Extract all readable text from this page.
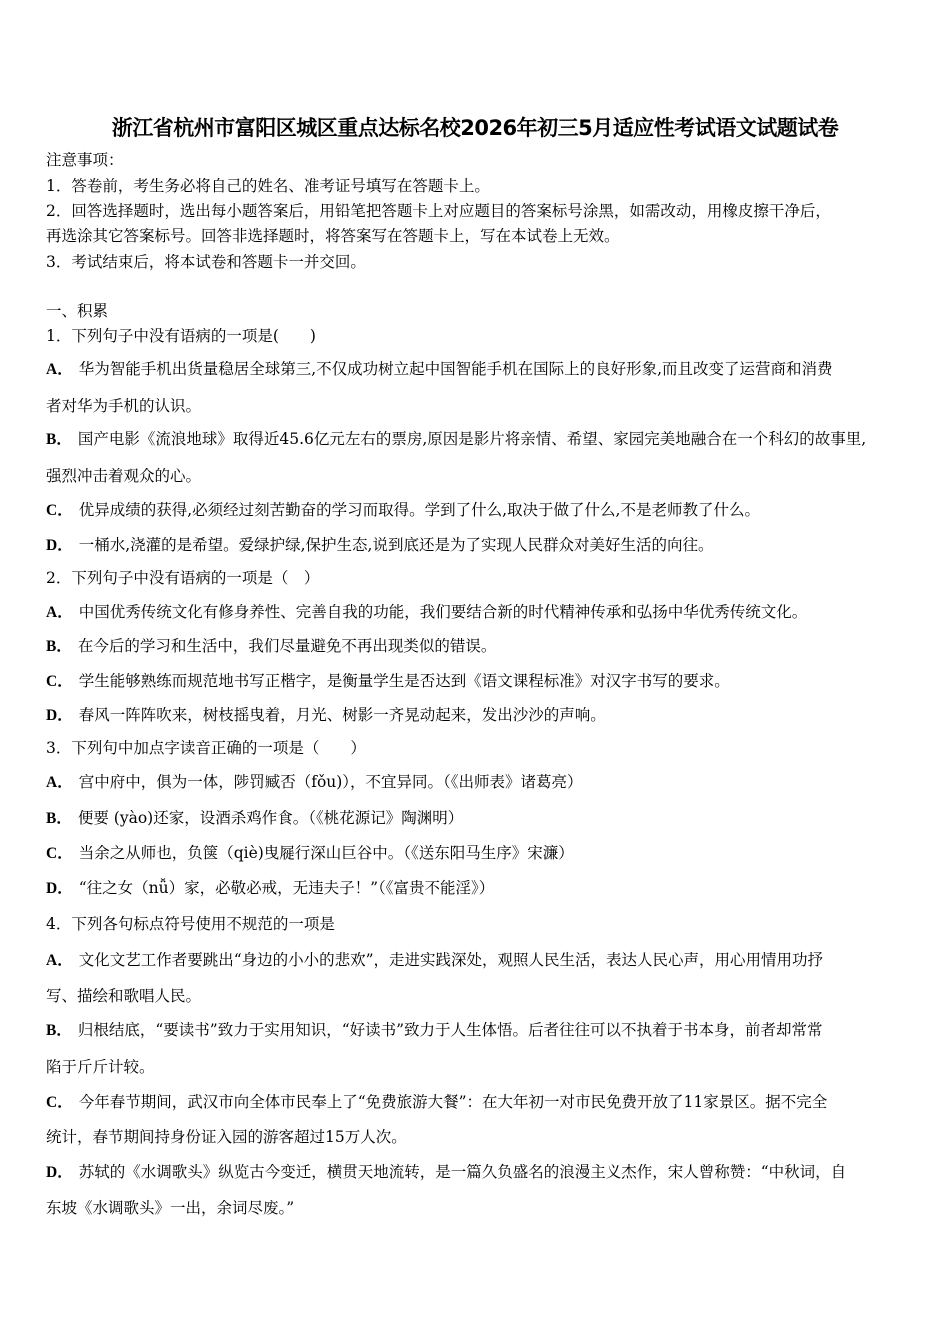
浙江省杭州市富阳区城区重点达标名校2026年初三5月适应性考试语文试题试卷
注意事项：
1．答卷前，考生务必将自己的姓名、准考证号填写在答题卡上。
2．回答选择题时，选出每小题答案后，用铅笔把答题卡上对应题目的答案标号涂黑，如需改动，用橡皮擦干净后，
再选涂其它答案标号。回答非选择题时，将答案写在答题卡上，写在本试卷上无效。
3．考试结束后，将本试卷和答题卡一并交回。
一、积累
1．下列句子中没有语病的一项是(　　)
A． 华为智能手机出货量稳居全球第三,不仅成功树立起中国智能手机在国际上的良好形象,而且改变了运营商和消费
者对华为手机的认识。
B． 国产电影《流浪地球》取得近45.6亿元左右的票房,原因是影片将亲情、希望、家园完美地融合在一个科幻的故事里,
强烈冲击着观众的心。
C． 优异成绩的获得,必须经过刻苦勤奋的学习而取得。学到了什么,取决于做了什么,不是老师教了什么。
D． 一桶水,浇灌的是希望。爱绿护绿,保护生态,说到底还是为了实现人民群众对美好生活的向往。
2．下列句子中没有语病的一项是（　）
A． 中国优秀传统文化有修身养性、完善自我的功能，我们要结合新的时代精神传承和弘扬中华优秀传统文化。
B． 在今后的学习和生活中，我们尽量避免不再出现类似的错误。
C． 学生能够熟练而规范地书写正楷字，是衡量学生是否达到《语文课程标准》对汉字书写的要求。
D． 春风一阵阵吹来，树枝摇曳着，月光、树影一齐晃动起来，发出沙沙的声响。
3．下列句中加点字读音正确的一项是（　　）
A． 宫中府中，俱为一体，陟罚臧否（fǒu)），不宜异同。（《出师表》诸葛亮）
B． 便要 (yào)还家，设酒杀鸡作食。（《桃花源记》陶渊明）
C． 当余之从师也，负箧（qiè)曳屣行深山巨谷中。（《送东阳马生序》宋濂）
D． “往之女（nǚ）家，必敬必戒，无违夫子！”（《富贵不能淫》）
4．下列各句标点符号使用不规范的一项是
A． 文化文艺工作者要跳出“身边的小小的悲欢”，走进实践深处，观照人民生活，表达人民心声，用心用情用功抒
写、描绘和歌唱人民。
B． 归根结底，“要读书”致力于实用知识，“好读书”致力于人生体悟。后者往往可以不执着于书本身，前者却常常
陷于斤斤计较。
C． 今年春节期间，武汉市向全体市民奉上了“免费旅游大餐”：在大年初一对市民免费开放了11家景区。据不完全
统计，春节期间持身份证入园的游客超过15万人次。
D． 苏轼的《水调歌头》纵览古今变迁，横贯天地流转，是一篇久负盛名的浪漫主义杰作，宋人曾称赞：“中秋词，自
东坡《水调歌头》一出，余词尽废。”
